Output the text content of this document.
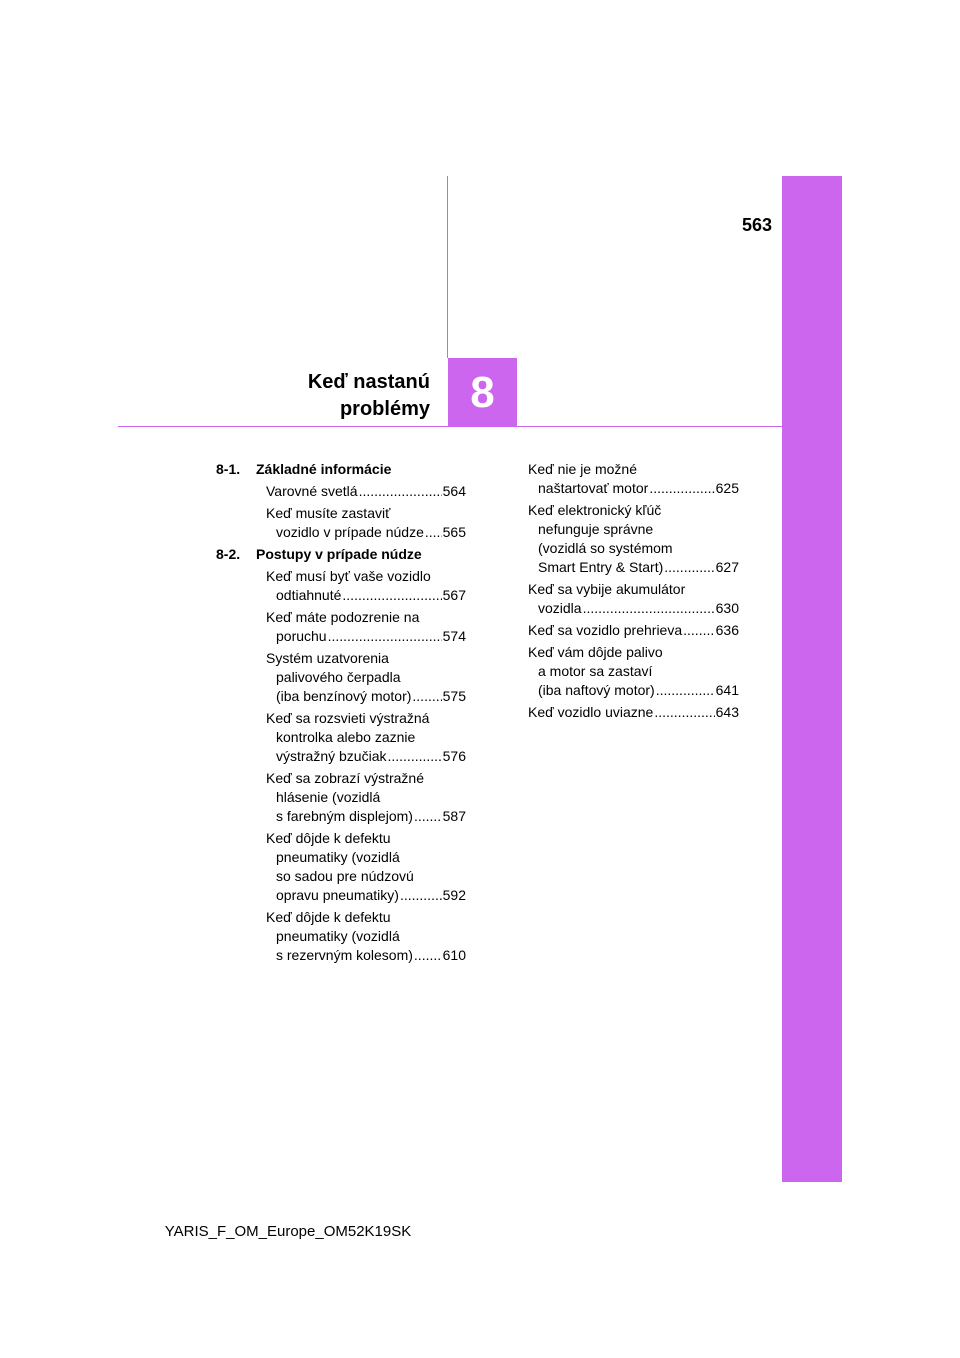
563
Keď nastanú
problémy 8
8-1.	Základné informácie
Varovné svetlá .....	564
Keď musíte zastaviť
vozidlo v prípade núdze ..... 565
8-2.	Postupy v prípade núdze
Keď musí byť vaše vozidlo
odtiahnuté .....	567
Keď máte podozrenie na
poruchu .....	574
Systém uzatvorenia
palivového čerpadla
(iba benzínový motor) ..... 575
Keď sa rozsvieti výstražná
kontrolka alebo zaznie
výstražný bzučiak .....	576
Keď sa zobrazí výstražné
hlásenie (vozidlá
s farebným displejom) ..... 587
Keď dôjde k defektu
pneumatiky (vozidlá
so sadou pre núdzovú
opravu pneumatiky) .....	592
Keď dôjde k defektu
pneumatiky (vozidlá
s rezervným kolesom) ..... 610
Keď nie je možné
naštartovať motor .....	625
Keď elektronický kľúč
nefunguje správne
(vozidlá so systémom
Smart Entry & Start) .....	627
Keď sa vybije akumulátor
vozidla .....	630
Keď sa vozidlo prehrieva ..... 636
Keď vám dôjde palivo
a motor sa zastaví
(iba naftový motor) .....	641
Keď vozidlo uviazne .....	643
YARIS_F_OM_Europe_OM52K19SK
